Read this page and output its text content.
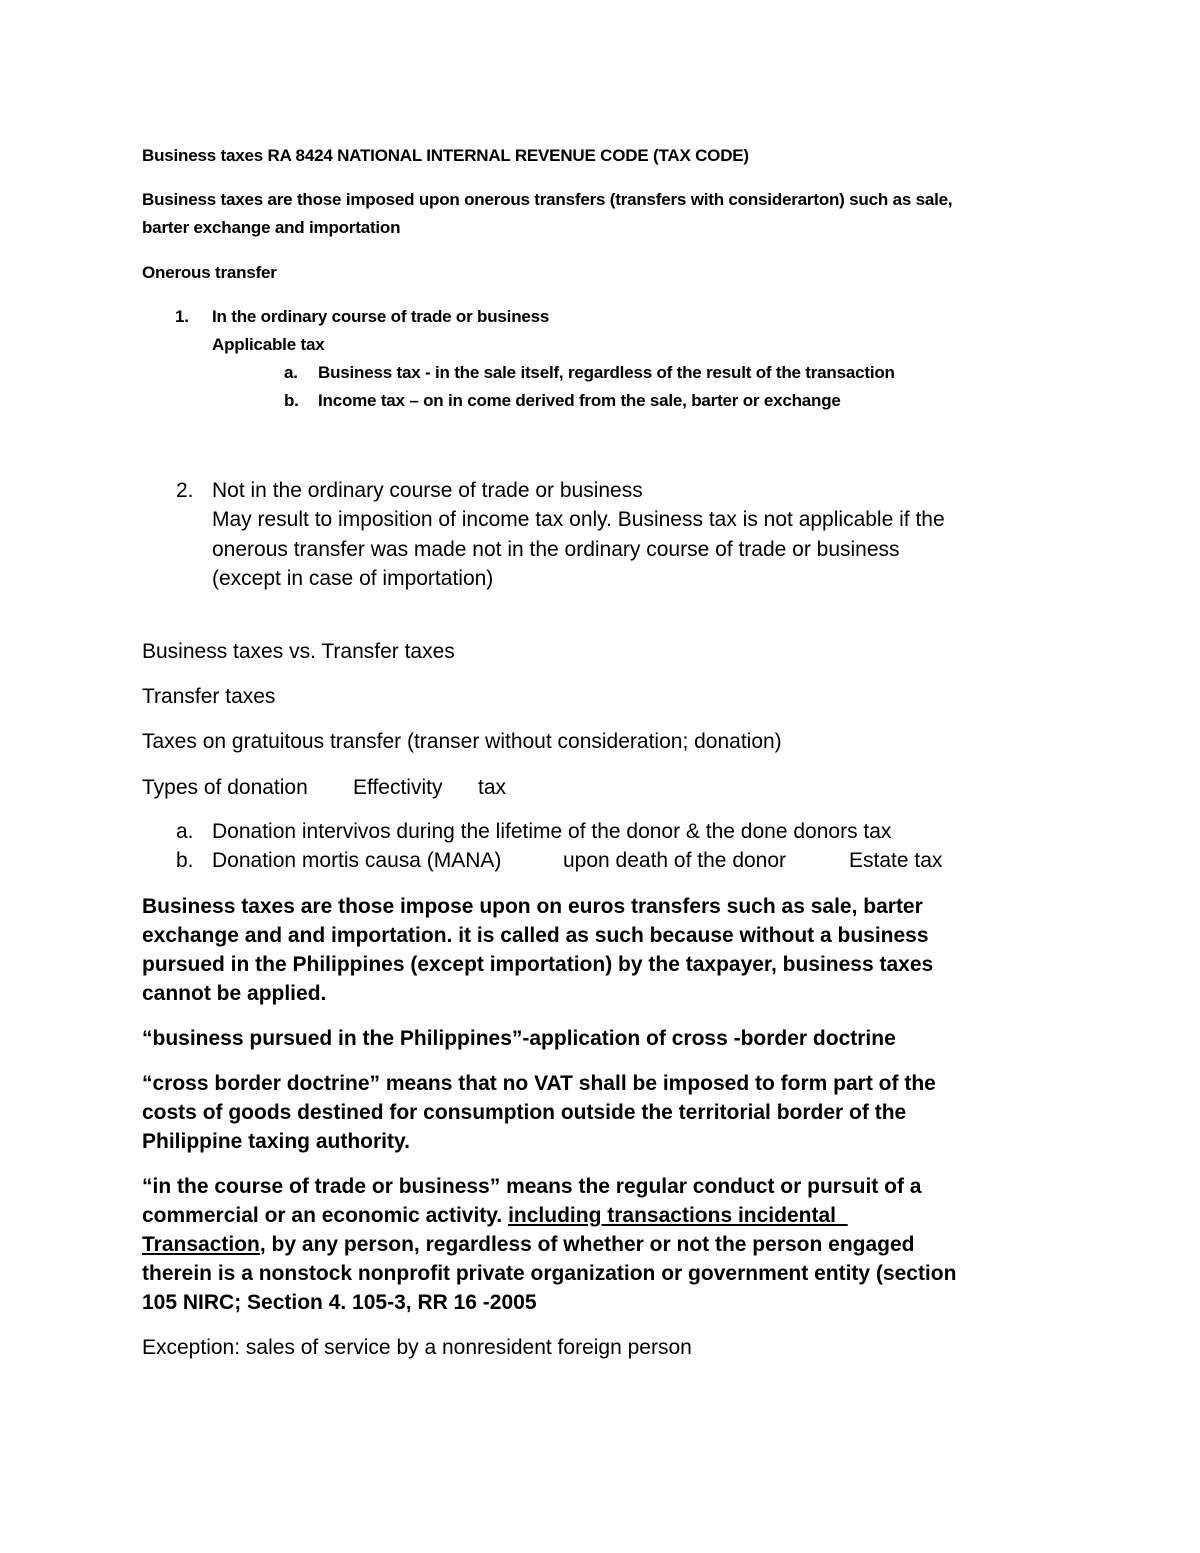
Business taxes RA 8424 NATIONAL INTERNAL REVENUE CODE (TAX CODE)

Business taxes are those imposed upon onerous transfers (transfers with considerarton) such as sale,

barter exchange and importation

Onerous transfer

1. In the ordinary course of trade or business

Applicable tax

a. Business tax - in the sale itself, regardless of the result of the transaction

b. Income tax – on in come derived from the sale, barter or exchange

2. Not in the ordinary course of trade or business

May result to imposition of income tax only. Business tax is not applicable if the

onerous transfer was made not in the ordinary course of trade or business

(except in case of importation)

Business taxes vs. Transfer taxes

Transfer taxes

Taxes on gratuitous transfer (transer without consideration; donation)

Types of donation Effectivity tax

a. Donation intervivos during the lifetime of the donor & the done donors tax

b. Donation mortis causa (MANA)	upon death of the donor	Estate tax

Business taxes are those impose upon on euros transfers such as sale, barter

exchange and and importation. it is called as such because without a business

pursued in the Philippines (except importation) by the taxpayer, business taxes

cannot be applied.

“business pursued in the Philippines”-application of cross -border doctrine

“cross border doctrine” means that no VAT shall be imposed to form part of the

costs of goods destined for consumption outside the territorial border of the

Philippine taxing authority.

“in the course of trade or business” means the regular conduct or pursuit of a

commercial or an economic activity. including transactions incidental

Transaction, by any person, regardless of whether or not the person engaged

therein is a nonstock nonprofit private organization or government entity (section

105 NIRC; Section 4. 105-3, RR 16 -2005

Exception: sales of service by a nonresident foreign person
